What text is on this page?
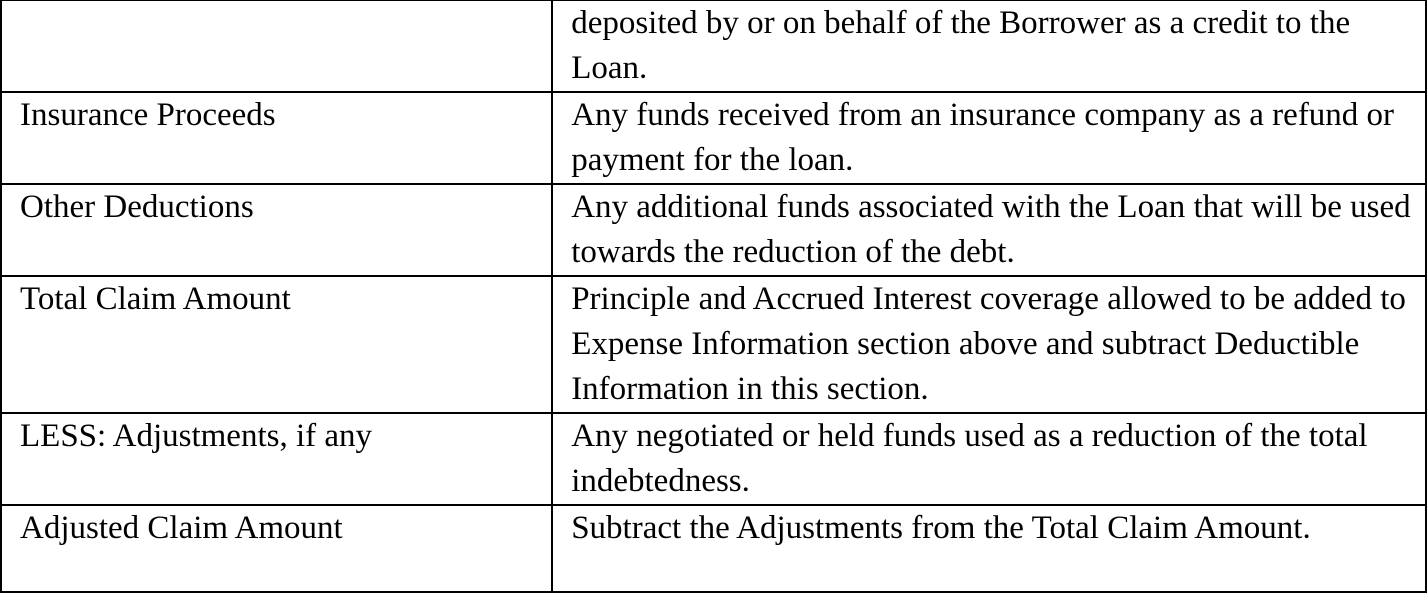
	deposited by or on behalf of the Borrower as a credit to the Loan.
Insurance Proceeds	Any funds received from an insurance company as a refund or payment for the loan.
Other Deductions	Any additional funds associated with the Loan that will be used towards the reduction of the debt.
Total Claim Amount	Principle and Accrued Interest coverage allowed to be added to Expense Information section above and subtract Deductible Information in this section.
LESS: Adjustments, if any	Any negotiated or held funds used as a reduction of the total indebtedness.
Adjusted Claim Amount	Subtract the Adjustments from the Total Claim Amount.
